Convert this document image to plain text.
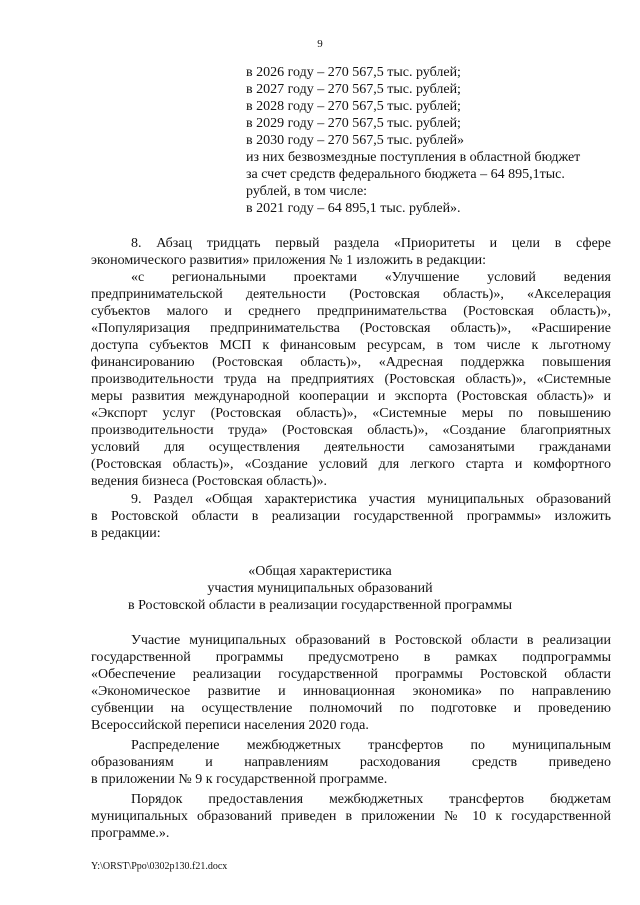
9
в 2026 году – 270 567,5 тыс. рублей;
в 2027 году – 270 567,5 тыс. рублей;
в 2028 году – 270 567,5 тыс. рублей;
в 2029 году – 270 567,5 тыс. рублей;
в 2030 году – 270 567,5 тыс. рублей»
из них безвозмездные поступления в областной бюджет
за счет средств федерального бюджета – 64 895,1тыс.
рублей, в том числе:
в 2021 году – 64 895,1 тыс. рублей».
8. Абзац тридцать первый раздела «Приоритеты и цели в сфере
экономического развития» приложения № 1 изложить в редакции:
«с региональными проектами «Улучшение условий ведения
предпринимательской деятельности (Ростовская область)», «Акселерация
субъектов малого и среднего предпринимательства (Ростовская область)»,
«Популяризация предпринимательства (Ростовская область)», «Расширение
доступа субъектов МСП к финансовым ресурсам, в том числе к льготному
финансированию (Ростовская область)», «Адресная поддержка повышения
производительности труда на предприятиях (Ростовская область)», «Системные
меры развития международной кооперации и экспорта (Ростовская область)» и
«Экспорт услуг (Ростовская область)», «Системные меры по повышению
производительности труда» (Ростовская область)», «Создание благоприятных
условий для осуществления деятельности самозанятыми гражданами
(Ростовская область)», «Создание условий для легкого старта и комфортного
ведения бизнеса (Ростовская область)».
9. Раздел «Общая характеристика участия муниципальных образований
в Ростовской области в реализации государственной программы» изложить
в редакции:
«Общая характеристика
участия муниципальных образований
в Ростовской области в реализации государственной программы
Участие муниципальных образований в Ростовской области в реализации
государственной программы предусмотрено в рамках подпрограммы
«Обеспечение реализации государственной программы Ростовской области
«Экономическое развитие и инновационная экономика» по направлению
субвенции на осуществление полномочий по подготовке и проведению
Всероссийской переписи населения 2020 года.
Распределение межбюджетных трансфертов по муниципальным
образованиям и направлениям расходования средств приведено
в приложении № 9 к государственной программе.
Порядок предоставления межбюджетных трансфертов бюджетам
муниципальных образований приведен в приложении № 10 к государственной
программе.».
Y:\ORST\Ppo\0302p130.f21.docx
